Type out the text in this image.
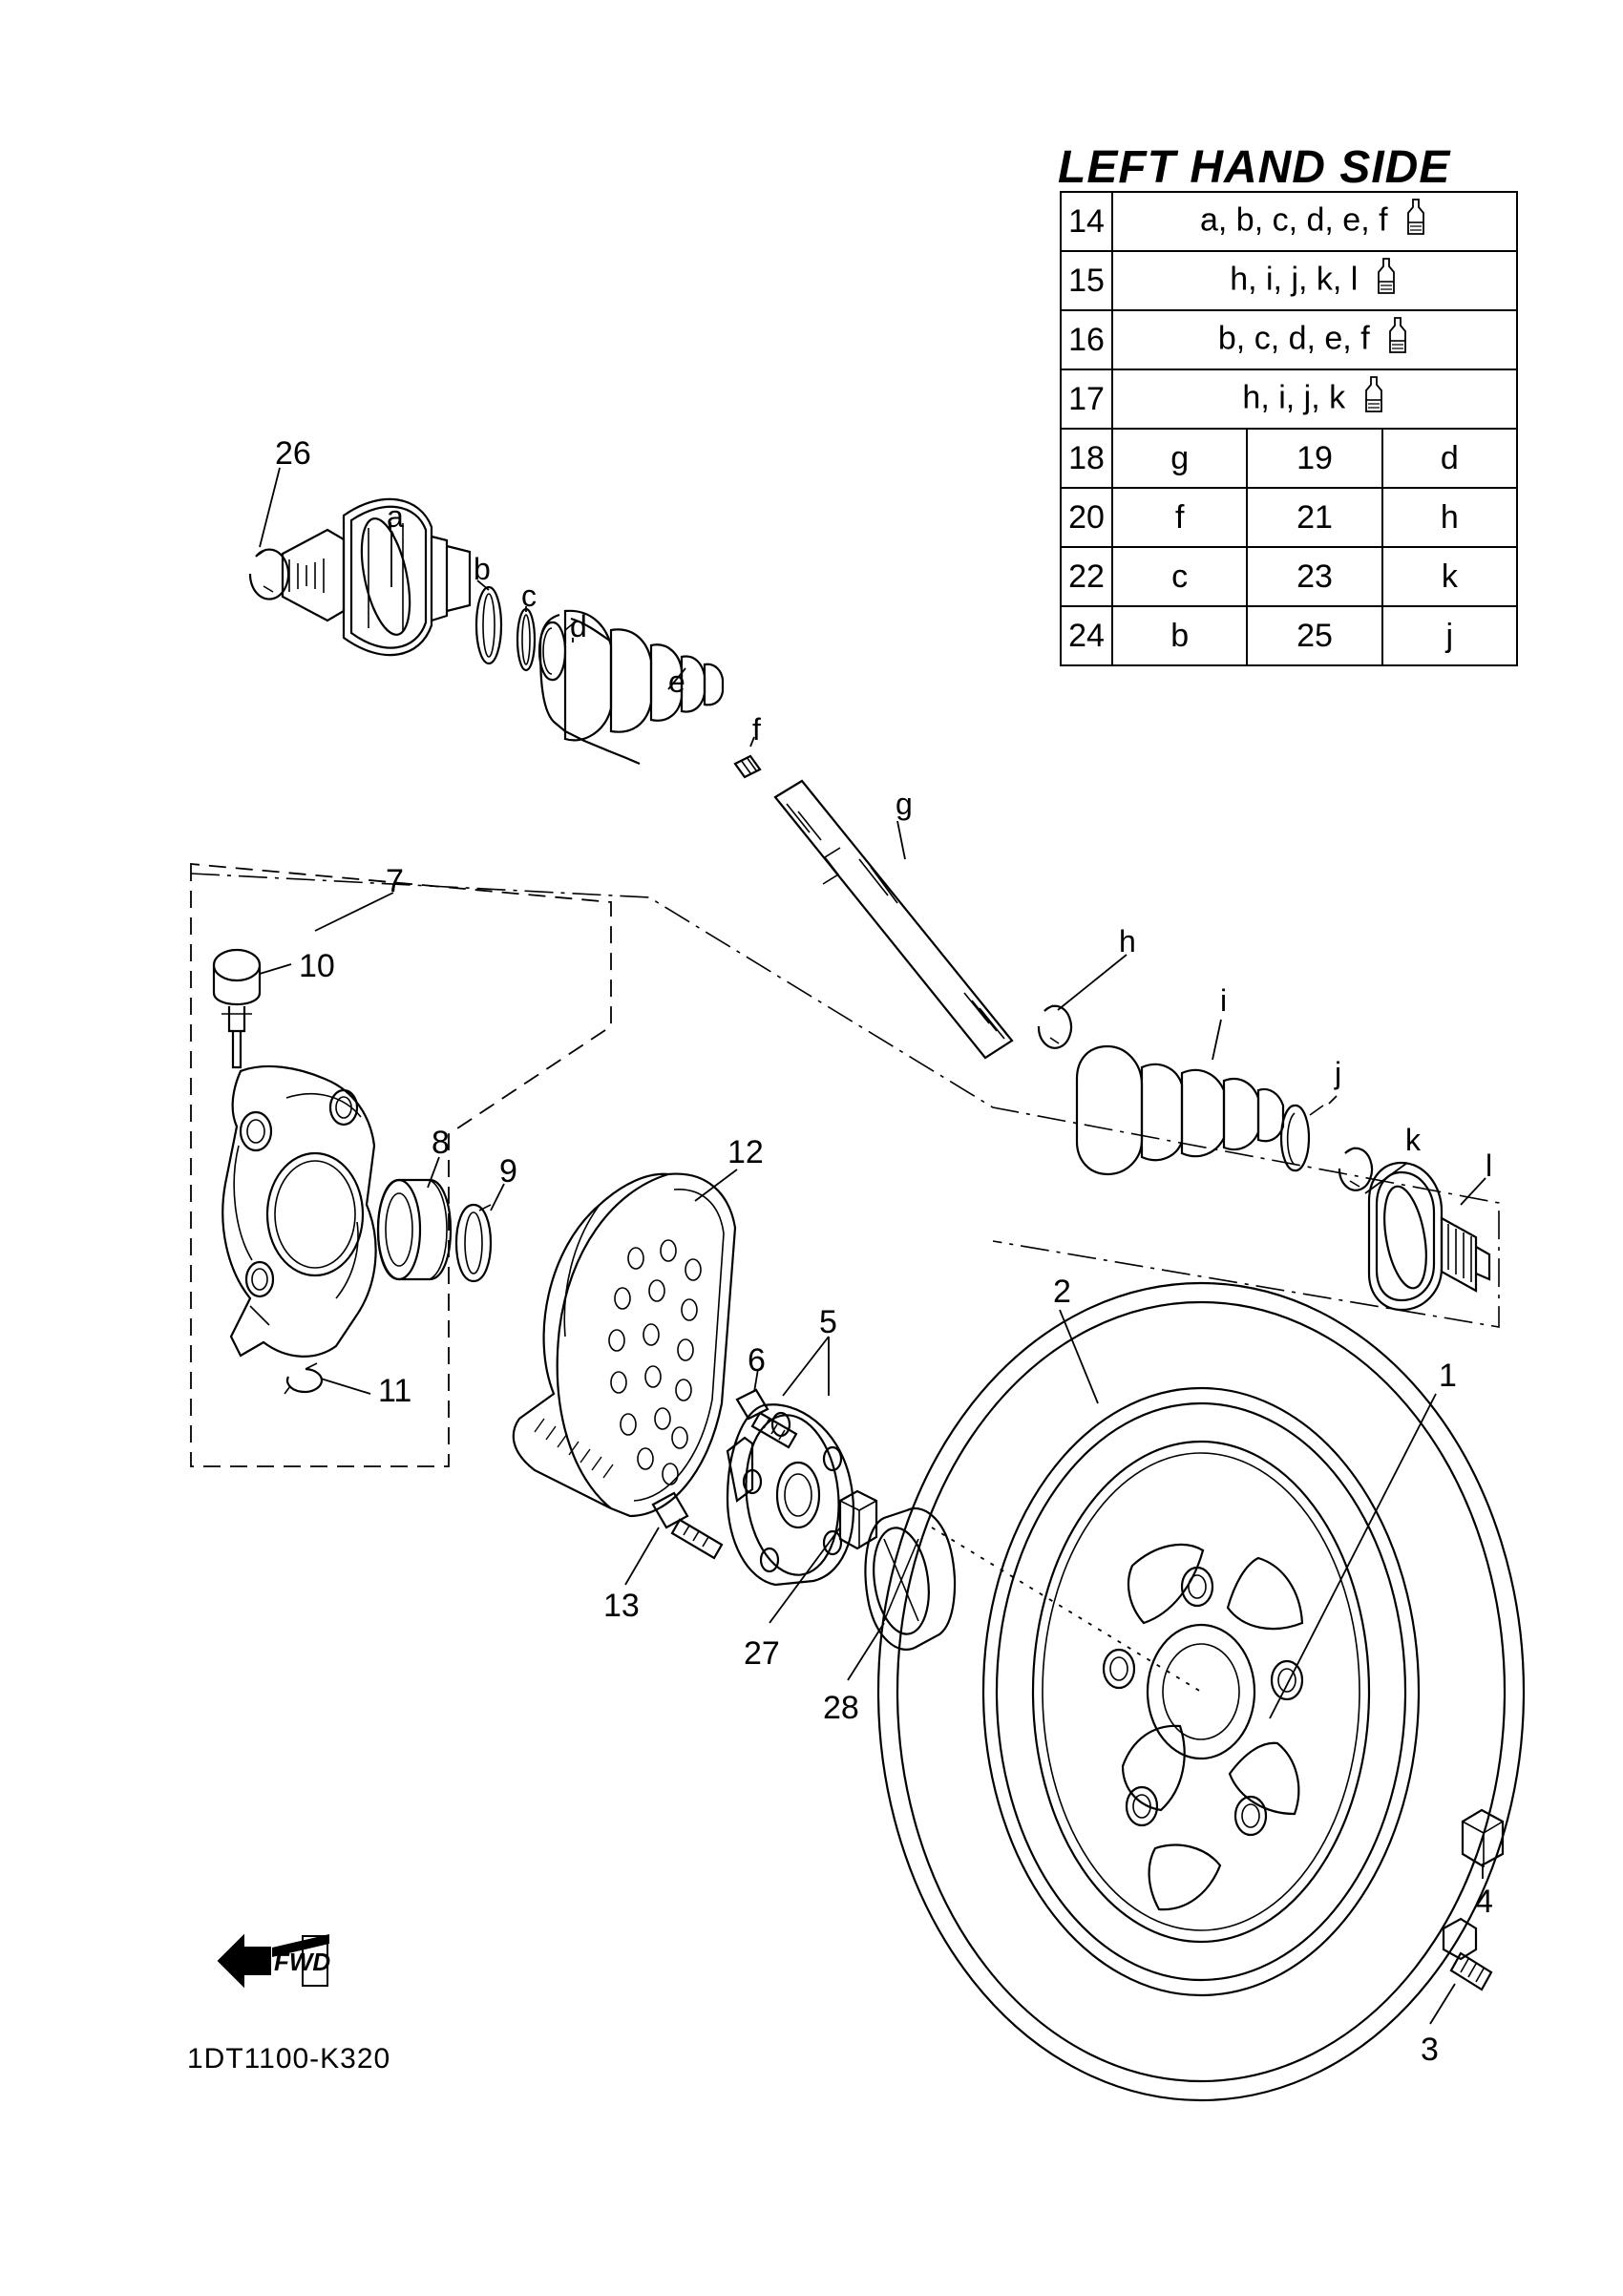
26
7
10
8
9
11
12
13
5
6
27
28
2
1
4
3
a
b
c
d
e
f
g
h
i
j
k
l
LEFT HAND SIDE
14	a, b, c, d, e, f		
15	h, i, j, k, l		
16	b, c, d, e, f		
17	h, i, j, k		
18	g	19	d
20	f	21	h
22	c	23	k
24	b	25	j
FWD
1DT1100-K320
